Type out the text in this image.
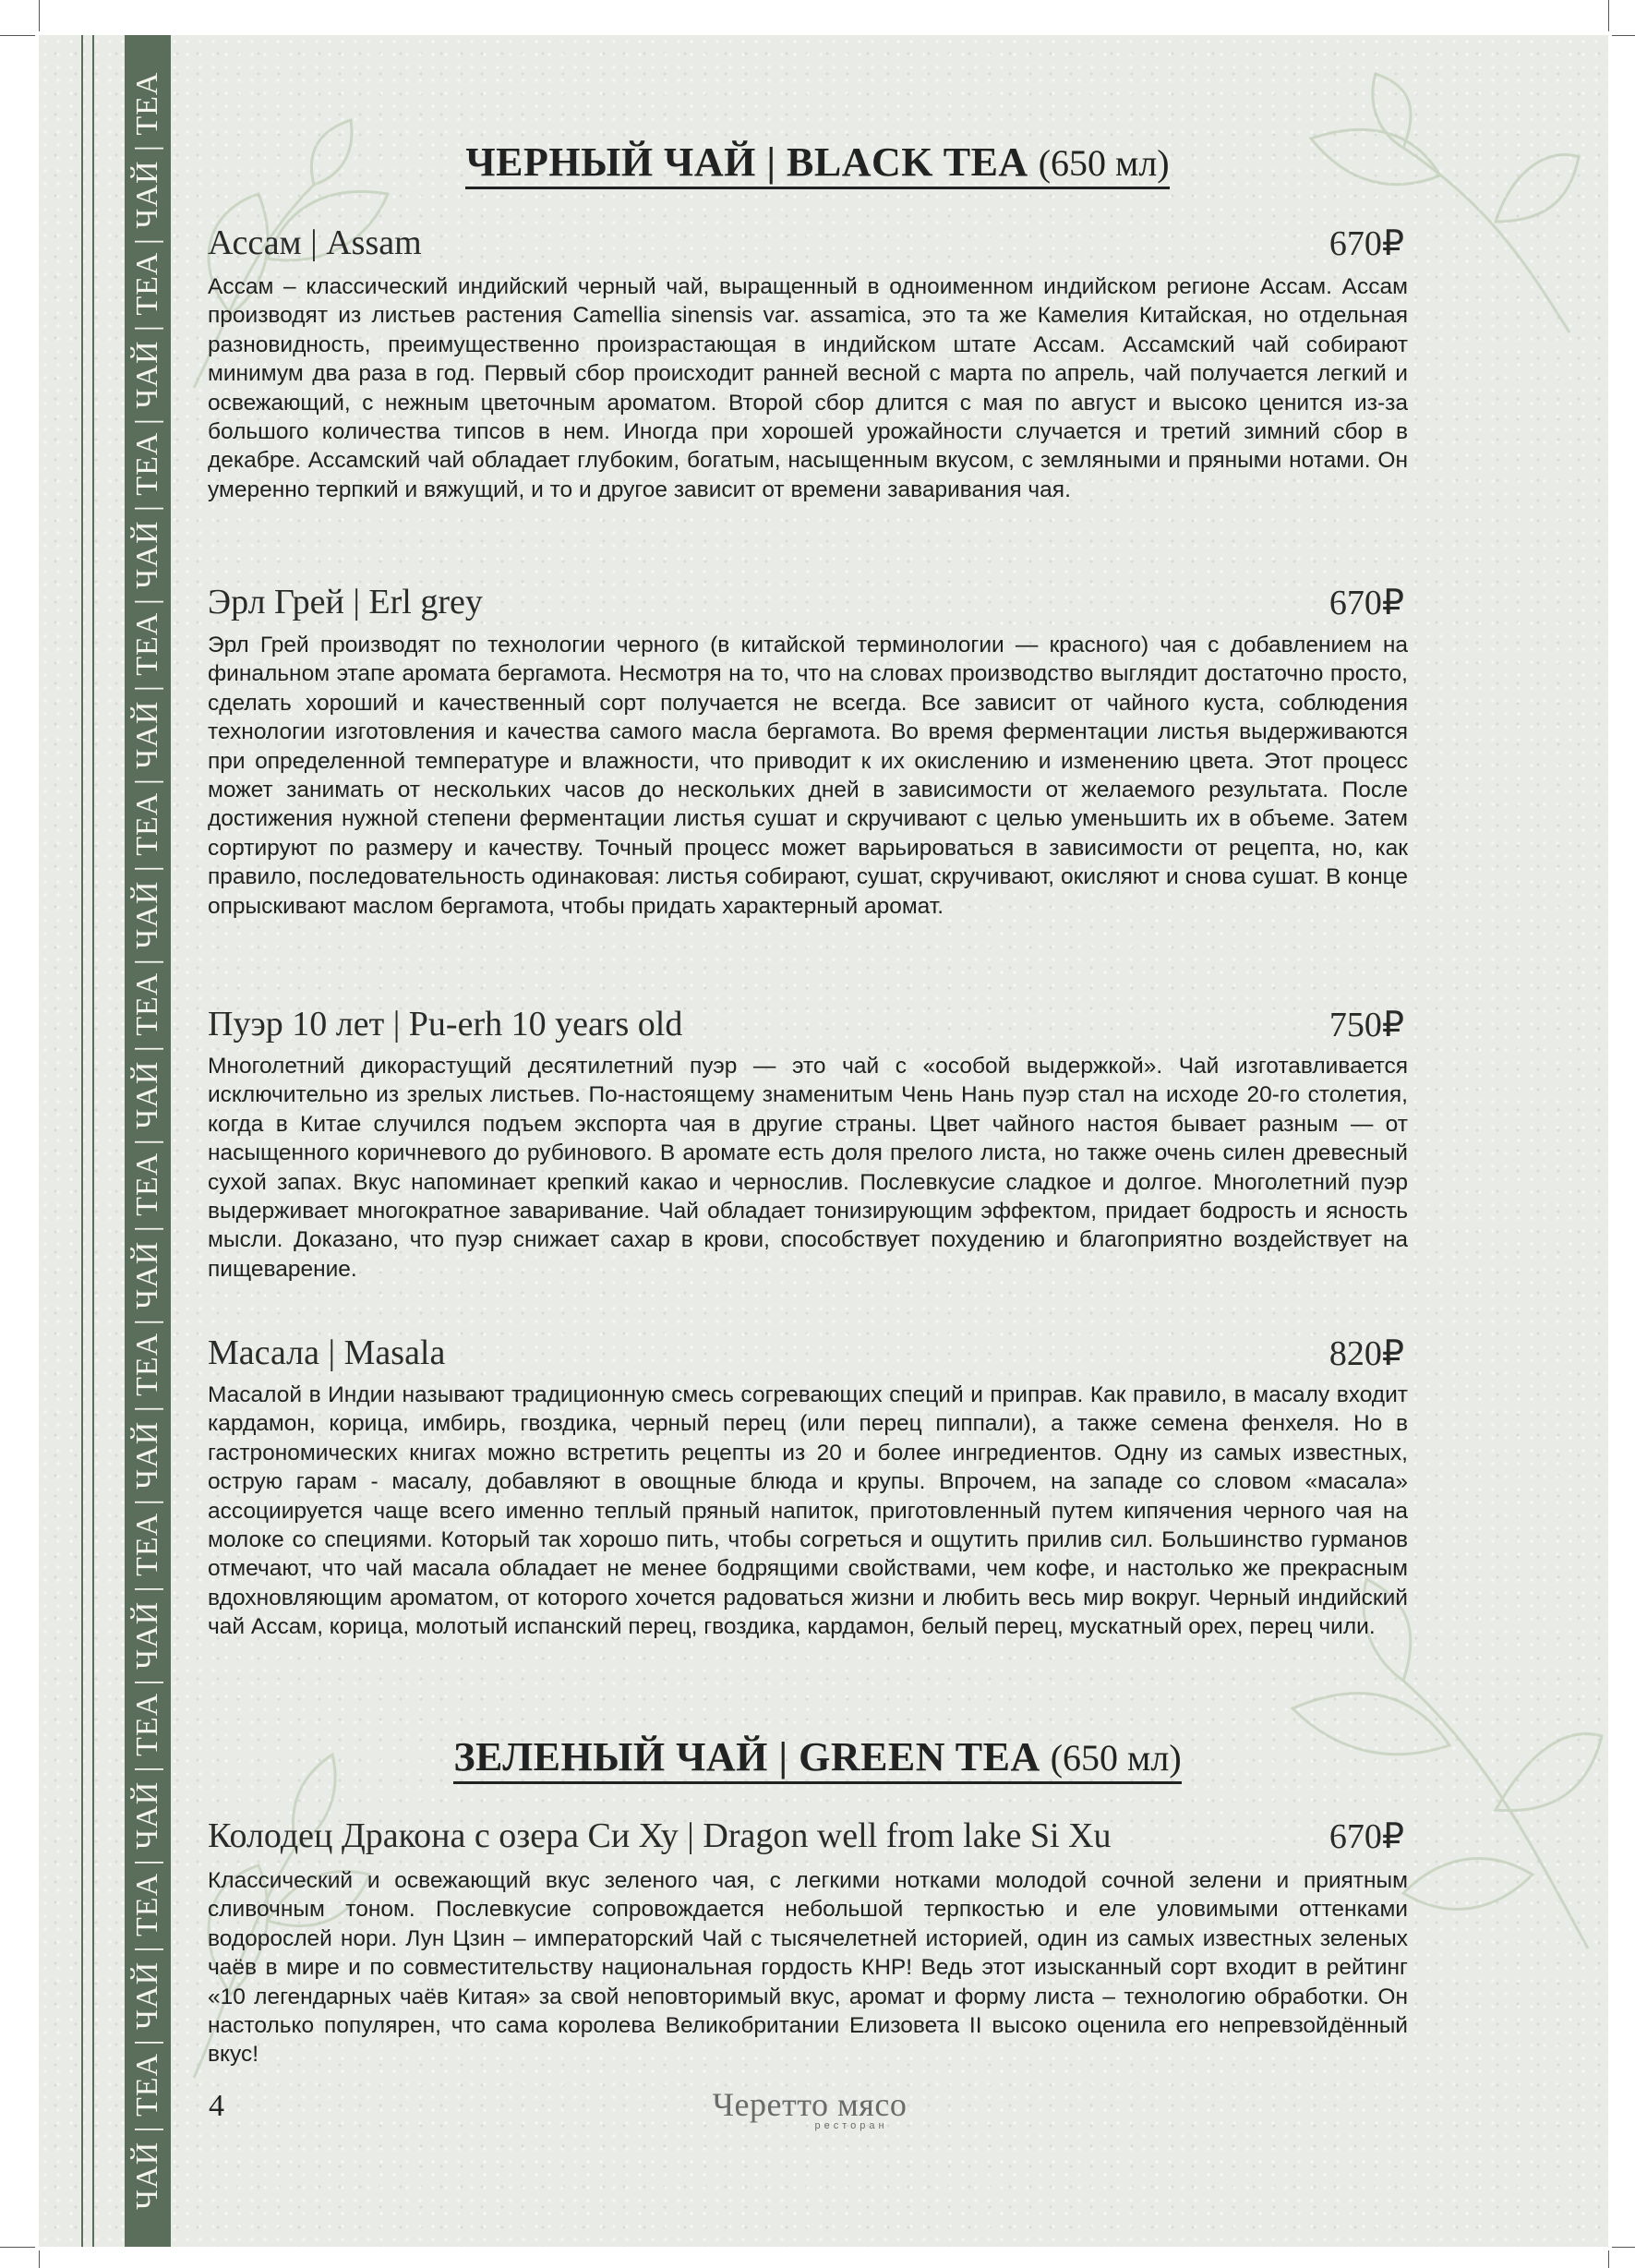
ЧАЙ | TEA | ЧАЙ | TEA | ЧАЙ | TEA | ЧАЙ | TEA | ЧАЙ | TEA | ЧАЙ | TEA | ЧАЙ | TEA | ЧАЙ | TEA | ЧАЙ | TEA | ЧАЙ | TEA | ЧАЙ | TEA | ЧАЙ | TEA	ЧЕРНЫЙ ЧАЙ | BLACK TEA (650 мл)
Ассам | Assam	670₽

Ассам – классический индийский черный чай, выращенный в одноименном индийском регионе Ассам. Ассам производят из листьев растения Camellia sinensis var. assamica, это та же Камелия Китайская, но отдельная разновидность, преимущественно произрастающая в индийском штате Ассам. Ассамский чай собирают минимум два раза в год. Первый сбор происходит ранней весной с марта по апрель, чай получается легкий и освежающий, с нежным цветочным ароматом. Второй сбор длится с мая по август и высоко ценится из-за большого количества типсов в нем. Иногда при хорошей урожайности случается и третий зимний сбор в декабре. Ассамский чай обладает глубоким, богатым, насыщенным вкусом, с земляными и пряными нотами. Он умеренно терпкий и вяжущий, и то и другое зависит от времени заваривания чая.

Эрл Грей | Erl grey	670₽

Эрл Грей производят по технологии черного (в китайской терминологии — красного) чая с добавлением на финальном этапе аромата бергамота. Несмотря на то, что на словах производство выглядит достаточно просто, сделать хороший и качественный сорт получается не всегда. Все зависит от чайного куста, соблюдения технологии изготовления и качества самого масла бергамота. Во время ферментации листья выдерживаются при определенной температуре и влажности, что приводит к их окислению и изменению цвета. Этот процесс может занимать от нескольких часов до нескольких дней в зависимости от желаемого результата. После достижения нужной степени ферментации листья сушат и скручивают с целью уменьшить их в объеме. Затем сортируют по размеру и качеству. Точный процесс может варьироваться в зависимости от рецепта, но, как правило, последовательность одинаковая: листья собирают, сушат, скручивают, окисляют и снова сушат. В конце опрыскивают маслом бергамота, чтобы придать характерный аромат.

Пуэр 10 лет | Pu-erh 10 years old	750₽

Многолетний дикорастущий десятилетний пуэр — это чай с «особой выдержкой». Чай изготавливается исключительно из зрелых листьев. По-настоящему знаменитым Чень Нань пуэр стал на исходе 20-го столетия, когда в Китае случился подъем экспорта чая в другие страны. Цвет чайного настоя бывает разным — от насыщенного коричневого до рубинового. В аромате есть доля прелого листа, но также очень силен древесный сухой запах. Вкус напоминает крепкий какао и чернослив. Послевкусие сладкое и долгое. Многолетний пуэр выдерживает многократное заваривание. Чай обладает тонизирующим эффектом, придает бодрость и ясность мысли. Доказано, что пуэр снижает сахар в крови, способствует похудению и благоприятно воздействует на пищеварение.

Масала | Masala	820₽

Масалой в Индии называют традиционную смесь согревающих специй и приправ. Как правило, в масалу входит кардамон, корица, имбирь, гвоздика, черный перец (или перец пиппали), а также семена фенхеля. Но в гастрономических книгах можно встретить рецепты из 20 и более ингредиентов. Одну из самых известных, острую гарам - масалу, добавляют в овощные блюда и крупы. Впрочем, на западе со словом «масала» ассоциируется чаще всего именно теплый пряный напиток, приготовленный путем кипячения черного чая на молоке со специями. Который так хорошо пить, чтобы согреться и ощутить прилив сил. Большинство гурманов отмечают, что чай масала обладает не менее бодрящими свойствами, чем кофе, и настолько же прекрасным вдохновляющим ароматом, от которого хочется радоваться жизни и любить весь мир вокруг. Черный индийский чай Ассам, корица, молотый испанский перец, гвоздика, кардамон, белый перец, мускатный орех, перец чили.

ЗЕЛЕНЫЙ ЧАЙ | GREEN TEA (650 мл)
Колодец Дракона с озера Си Ху | Dragon well from lake Si Xu	670₽

Классический и освежающий вкус зеленого чая, с легкими нотками молодой сочной зелени и приятным сливочным тоном. Послевкусие сопровождается небольшой терпкостью и еле уловимыми оттенками водорослей нори. Лун Цзин – императорский Чай с тысячелетней историей, один из самых известных зеленых чаёв в мире и по совместительству национальная гордость КНР! Ведь этот изысканный сорт входит в рейтинг «10 легендарных чаёв Китая» за свой неповторимый вкус, аромат и форму листа – технологию обработки. Он настолько популярен, что сама королева Великобритании Елизовета II высоко оценила его непревзойдённый вкус!

4	Черетто мясо
ресторан
